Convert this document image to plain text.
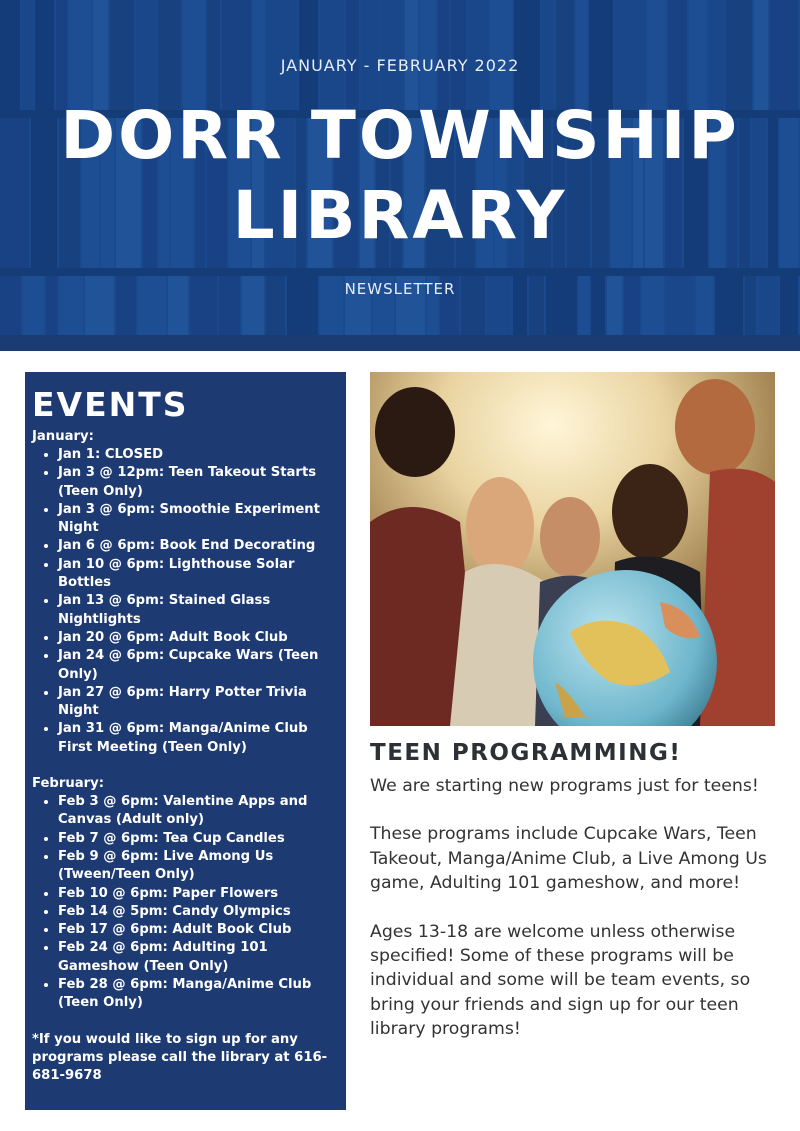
JANUARY - FEBRUARY 2022
DORR TOWNSHIP
LIBRARY
NEWSLETTER
EVENTS
January:
• Jan 1: CLOSED
• Jan 3 @ 12pm: Teen Takeout Starts (Teen Only)
• Jan 3 @ 6pm: Smoothie Experiment Night
• Jan 6 @ 6pm: Book End Decorating
• Jan 10 @ 6pm: Lighthouse Solar Bottles
• Jan 13 @ 6pm: Stained Glass Nightlights
• Jan 20 @ 6pm: Adult Book Club
• Jan 24 @ 6pm: Cupcake Wars (Teen Only)
• Jan 27 @ 6pm: Harry Potter Trivia Night
• Jan 31 @ 6pm: Manga/Anime Club First Meeting (Teen Only)
February:
• Feb 3 @ 6pm: Valentine Apps and Canvas (Adult only)
• Feb 7 @ 6pm: Tea Cup Candles
• Feb 9 @ 6pm: Live Among Us (Tween/Teen Only)
• Feb 10 @ 6pm: Paper Flowers
• Feb 14 @ 5pm: Candy Olympics
• Feb 17 @ 6pm: Adult Book Club
• Feb 24 @ 6pm: Adulting 101 Gameshow (Teen Only)
• Feb 28 @ 6pm: Manga/Anime Club (Teen Only)
*If you would like to sign up for any programs please call the library at 616-681-9678
TEEN PROGRAMMING!

We are starting new programs just for teens!

These programs include Cupcake Wars, Teen Takeout, Manga/Anime Club, a Live Among Us game, Adulting 101 gameshow, and more!

Ages 13-18 are welcome unless otherwise specified! Some of these programs will be individual and some will be team events, so bring your friends and sign up for our teen library programs!
